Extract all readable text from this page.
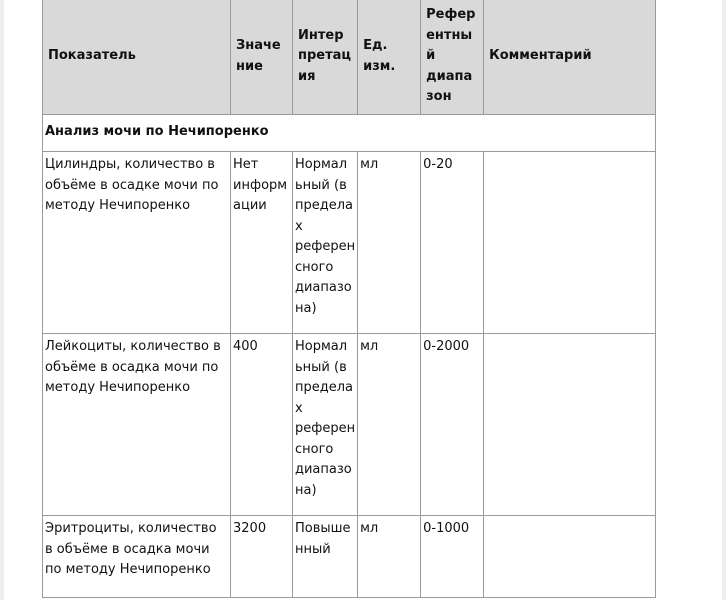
Показатель	Значе ние	Интер претац ия	Ед. изм.	Рефер ентны й диапа зон	Комментарий
Анализ мочи по Нечипоренко					
Цилиндры, количество в объёме в осадке мочи по методу Нечипоренко	Нет информ ации	Нормал ьный (в предела х референ сного диапазо на)	мл	0-20	
Лейкоциты, количество в объёме в осадка мочи по методу Нечипоренко	400	Нормал ьный (в предела х референ сного диапазо на)	мл	0-2000	
Эритроциты, количество в объёме в осадка мочи по методу Нечипоренко	3200	Повыше нный	мл	0-1000	
